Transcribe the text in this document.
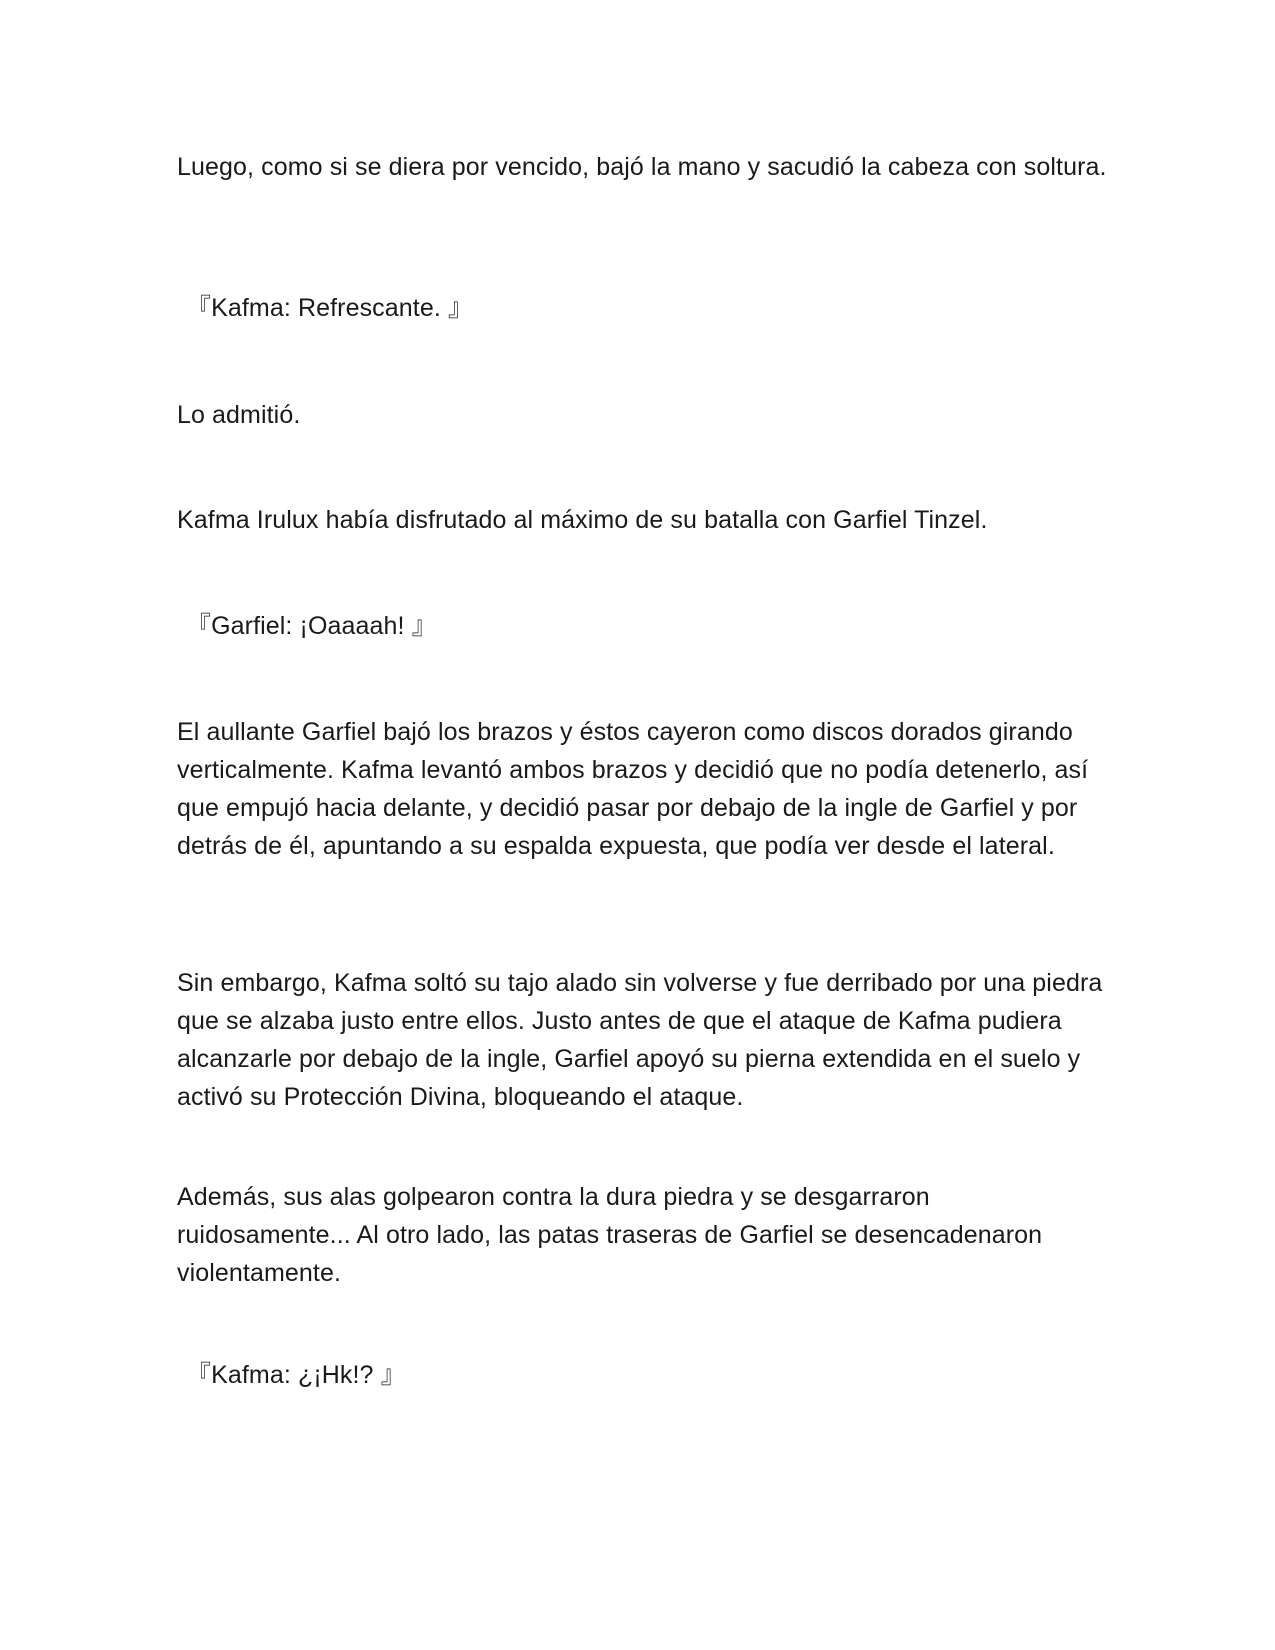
Luego, como si se diera por vencido, bajó la mano y sacudió la cabeza con soltura.

『Kafma: Refrescante. 』

Lo admitió.

Kafma Irulux había disfrutado al máximo de su batalla con Garfiel Tinzel.

『Garfiel: ¡Oaaaah! 』

El aullante Garfiel bajó los brazos y éstos cayeron como discos dorados girando verticalmente. Kafma levantó ambos brazos y decidió que no podía detenerlo, así que empujó hacia delante, y decidió pasar por debajo de la ingle de Garfiel y por detrás de él, apuntando a su espalda expuesta, que podía ver desde el lateral.

Sin embargo, Kafma soltó su tajo alado sin volverse y fue derribado por una piedra que se alzaba justo entre ellos. Justo antes de que el ataque de Kafma pudiera alcanzarle por debajo de la ingle, Garfiel apoyó su pierna extendida en el suelo y activó su Protección Divina, bloqueando el ataque.

Además, sus alas golpearon contra la dura piedra y se desgarraron ruidosamente... Al otro lado, las patas traseras de Garfiel se desencadenaron violentamente.

『Kafma: ¿¡Hk!? 』
